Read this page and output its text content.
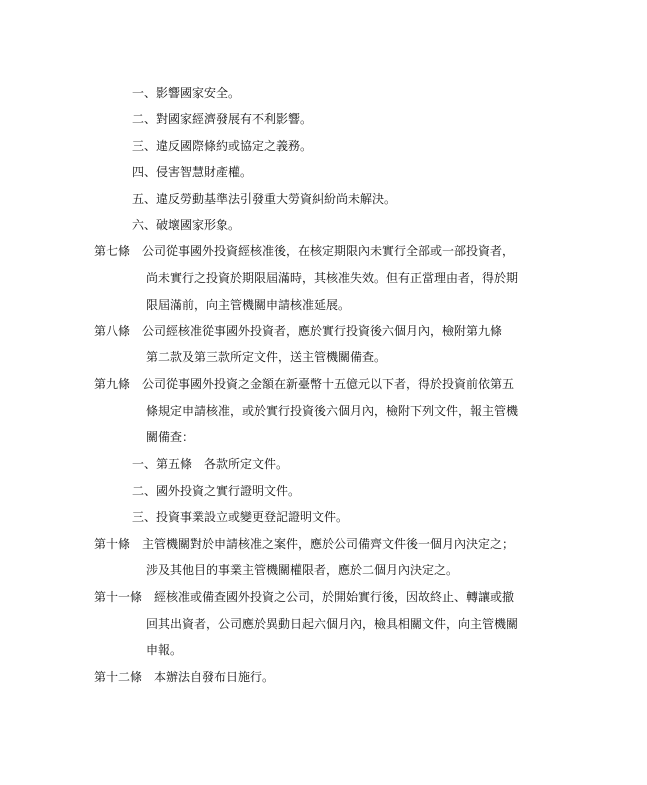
一、影響國家安全。
二、對國家經濟發展有不利影響。
三、違反國際條約或協定之義務。
四、侵害智慧財產權。
五、違反勞動基準法引發重大勞資糾紛尚未解決。
六、破壞國家形象。
第七條　公司從事國外投資經核准後，在核定期限內未實行全部或一部投資者，
尚未實行之投資於期限屆滿時，其核准失效。但有正當理由者，得於期
限屆滿前，向主管機關申請核准延展。
第八條　公司經核准從事國外投資者，應於實行投資後六個月內，檢附第九條
第二款及第三款所定文件，送主管機關備查。
第九條　公司從事國外投資之金額在新臺幣十五億元以下者，得於投資前依第五
條規定申請核准，或於實行投資後六個月內，檢附下列文件，報主管機
關備查：
一、第五條　各款所定文件。
二、國外投資之實行證明文件。
三、投資事業設立或變更登記證明文件。
第十條　主管機關對於申請核准之案件，應於公司備齊文件後一個月內決定之；
涉及其他目的事業主管機關權限者，應於二個月內決定之。
第十一條　經核准或備查國外投資之公司，於開始實行後，因故終止、轉讓或撤
回其出資者，公司應於異動日起六個月內，檢具相關文件，向主管機關
申報。
第十二條　本辦法自發布日施行。
